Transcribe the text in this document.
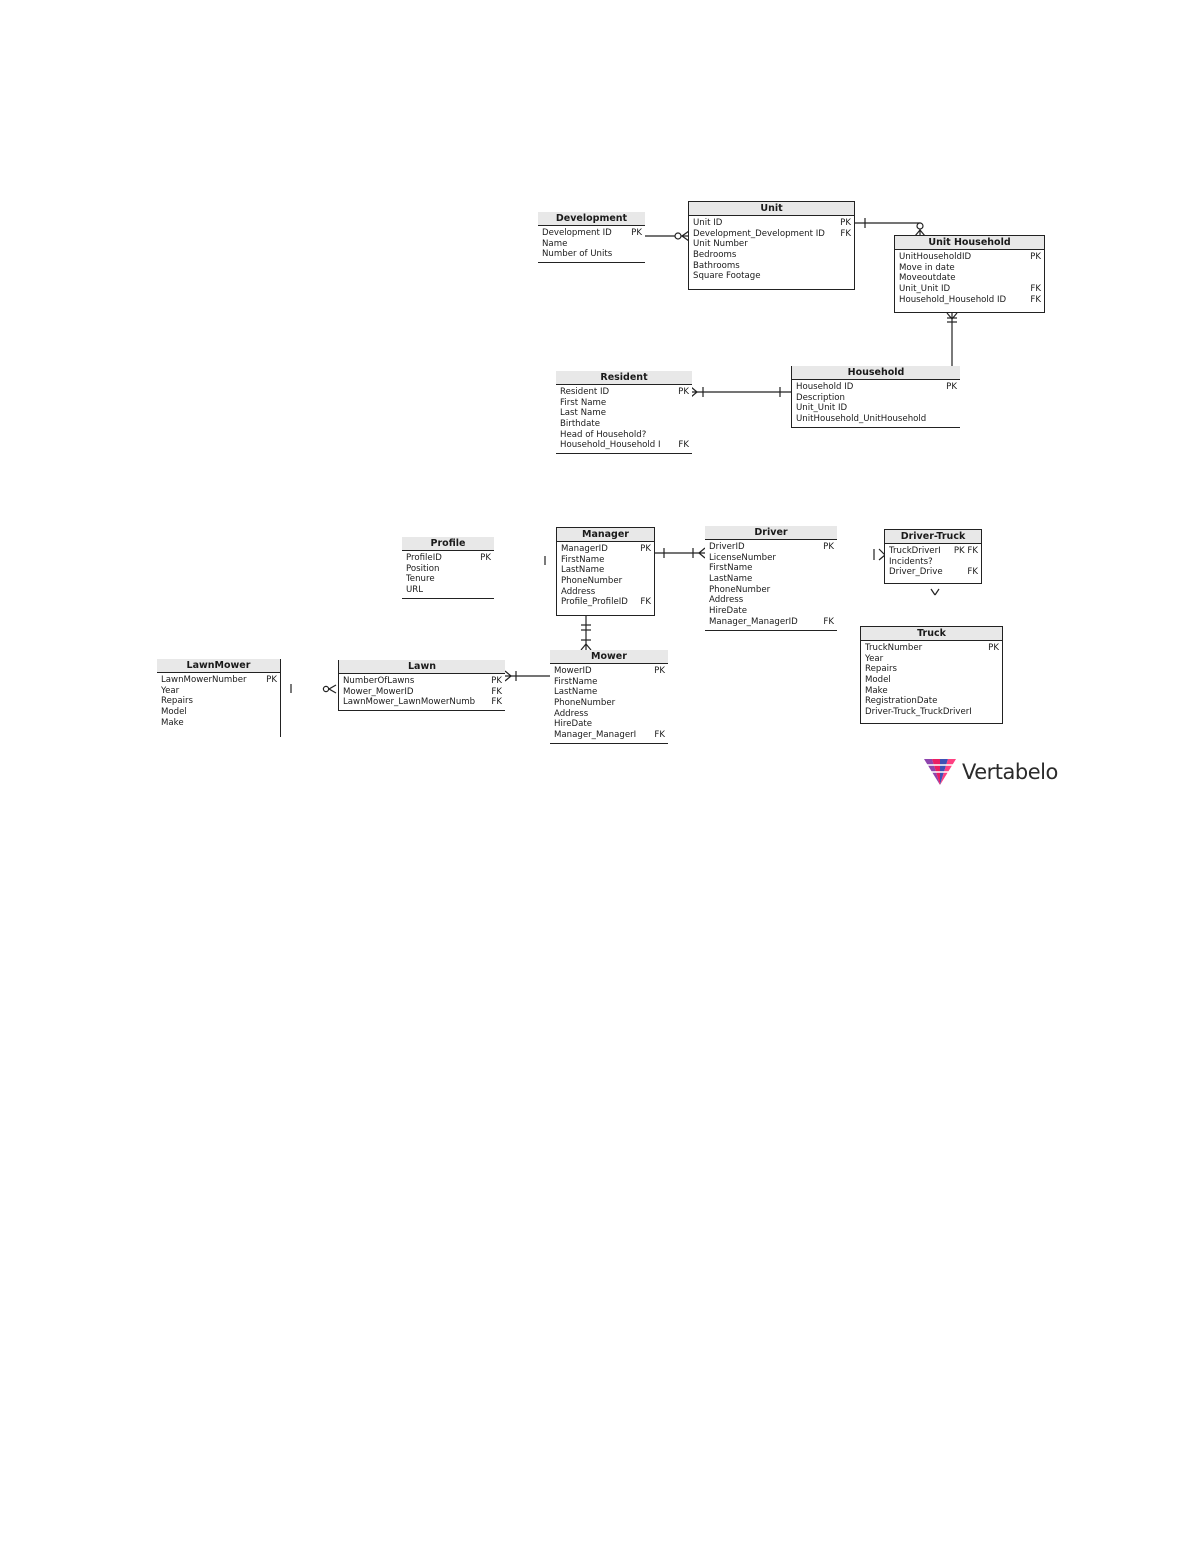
Development
Development ID	PK
Name
Number of Units
Unit
Unit ID	PK
Development_Development ID	FK
Unit Number
Bedrooms
Bathrooms
Square Footage
Unit Household
UnitHouseholdID	PK
Move in date
Moveoutdate
Unit_Unit ID	FK
Household_Household ID	FK
Resident
Resident ID	PK
First Name
Last Name
Birthdate
Head of Household?
Household_Household I	FK
Household
Household ID	PK
Description
Unit_Unit ID
UnitHousehold_UnitHousehold
Profile
ProfileID	PK
Position
Tenure
URL
Manager
ManagerID	PK
FirstName
LastName
PhoneNumber
Address
Profile_ProfileID	FK
Driver
DriverID	PK
LicenseNumber
FirstName
LastName
PhoneNumber
Address
HireDate
Manager_ManagerID	FK
Driver-Truck
TruckDriverI	PK FK
Incidents?
Driver_Drive	FK
Truck
TruckNumber	PK
Year
Repairs
Model
Make
RegistrationDate
Driver-Truck_TruckDriverI
Mower
MowerID	PK
FirstName
LastName
PhoneNumber
Address
HireDate
Manager_ManagerI	FK
Lawn
NumberOfLawns	PK
Mower_MowerID	FK
LawnMower_LawnMowerNumb	FK
LawnMower
LawnMowerNumber	PK
Year
Repairs
Model
Make
Vertabelo
